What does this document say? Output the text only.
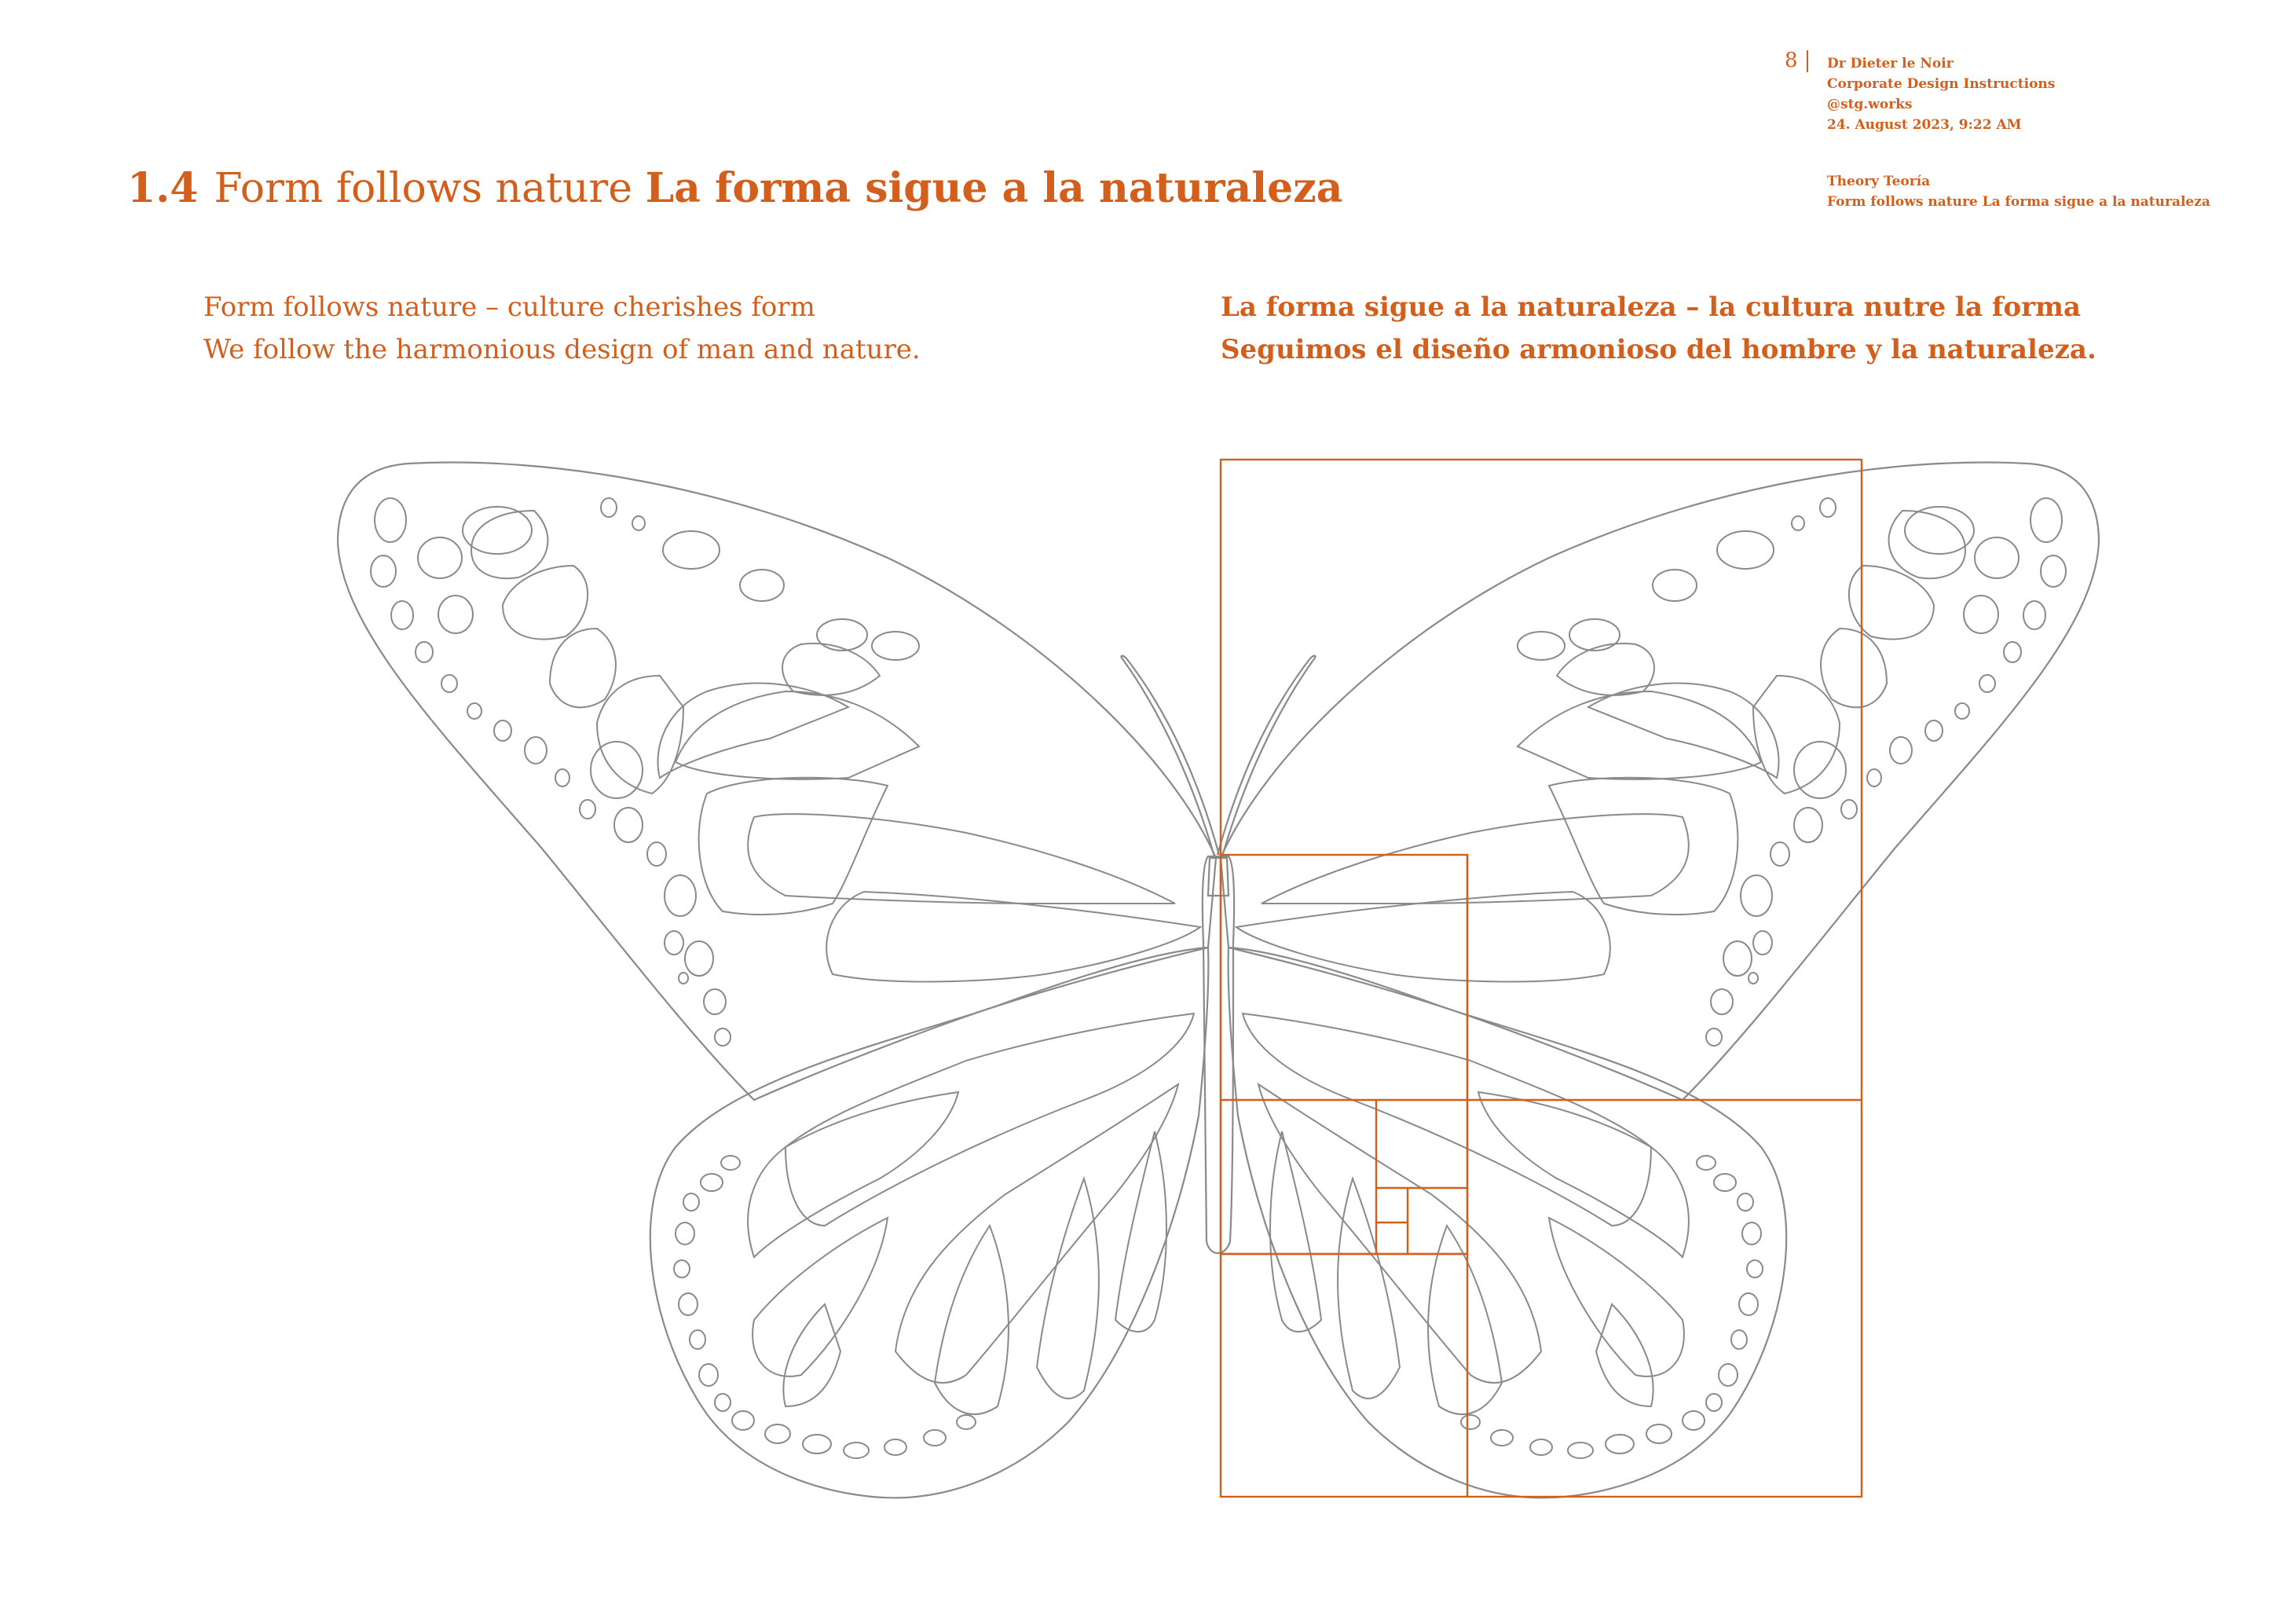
8 Dr Dieter le Noir
Corporate Design Instructions
@stg.works
24. August 2023, 9:22 AM
Theory Teoría
Form follows nature La forma sigue a la naturaleza
1.4 Form follows nature La forma sigue a la naturaleza
Form follows nature – culture cherishes form
We follow the harmonious design of man and nature.
La forma sigue a la naturaleza – la cultura nutre la forma
Seguimos el diseño armonioso del hombre y la naturaleza.
